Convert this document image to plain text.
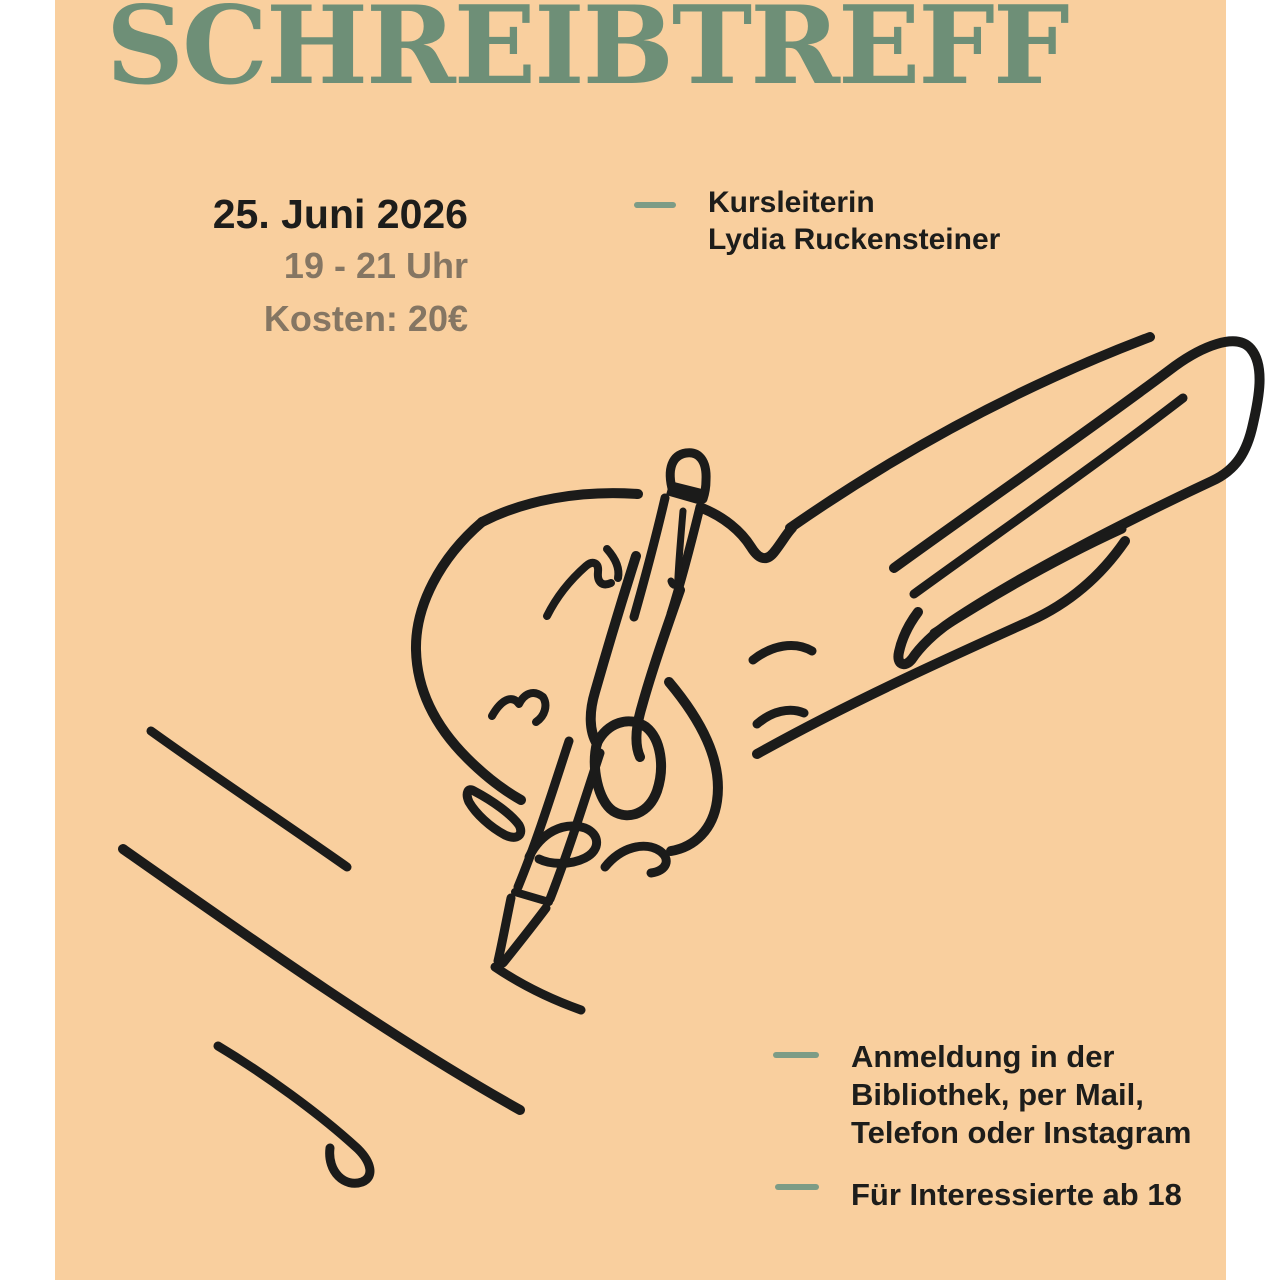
SCHREIBTREFF
25. Juni 2026
19 - 21 Uhr
Kosten: 20€
Kursleiterin
Lydia Ruckensteiner
Anmeldung in der
Bibliothek, per Mail,
Telefon oder Instagram
Für Interessierte ab 18
